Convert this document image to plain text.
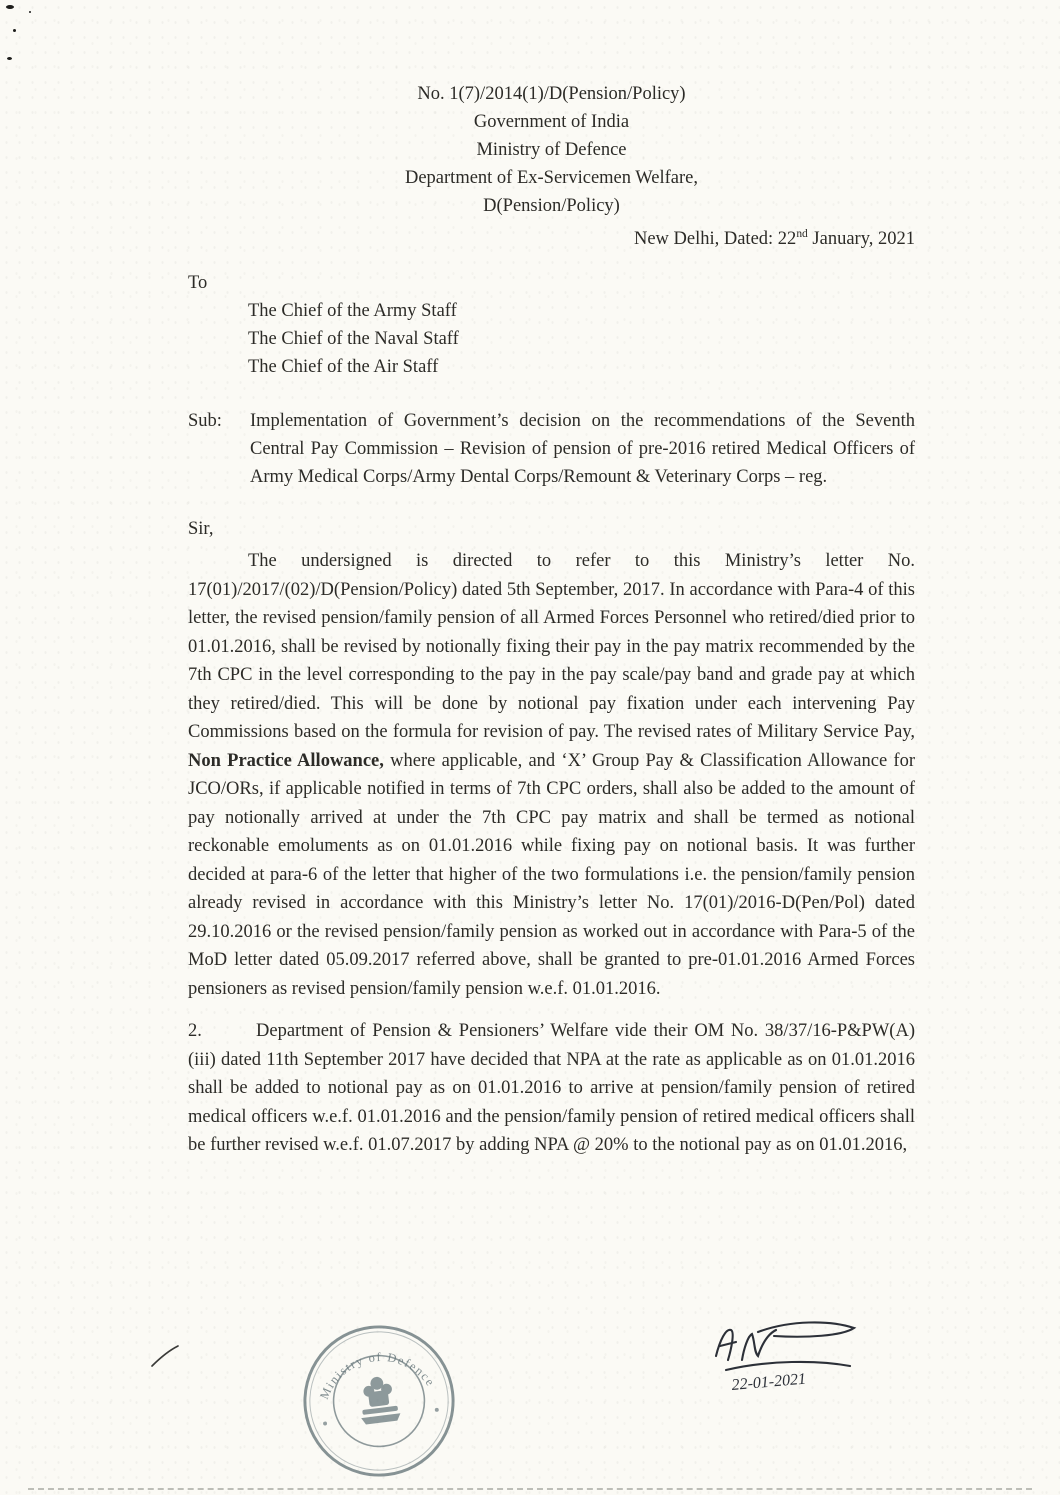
No. 1(7)/2014(1)/D(Pension/Policy)
Government of India
Ministry of Defence
Department of Ex-Servicemen Welfare,
D(Pension/Policy)
New Delhi, Dated: 22nd January, 2021
To
The Chief of the Army Staff
The Chief of the Naval Staff
The Chief of the Air Staff
Sub:	Implementation of Government’s decision on the recommendations of the Seventh Central Pay Commission – Revision of pension of pre-2016 retired Medical Officers of Army Medical Corps/Army Dental Corps/Remount & Veterinary Corps – reg.
Sir,

The undersigned is directed to refer to this Ministry’s letter No. 17(01)/2017/(02)/D(Pension/Policy) dated 5th September, 2017. In accordance with Para-4 of this letter, the revised pension/family pension of all Armed Forces Personnel who retired/died prior to 01.01.2016, shall be revised by notionally fixing their pay in the pay matrix recommended by the 7th CPC in the level corresponding to the pay in the pay scale/pay band and grade pay at which they retired/died. This will be done by notional pay fixation under each intervening Pay Commissions based on the formula for revision of pay. The revised rates of Military Service Pay, Non Practice Allowance, where applicable, and ‘X’ Group Pay & Classification Allowance for JCO/ORs, if applicable notified in terms of 7th CPC orders, shall also be added to the amount of pay notionally arrived at under the 7th CPC pay matrix and shall be termed as notional reckonable emoluments as on 01.01.2016 while fixing pay on notional basis. It was further decided at para-6 of the letter that higher of the two formulations i.e. the pension/family pension already revised in accordance with this Ministry’s letter No. 17(01)/2016-D(Pen/Pol) dated 29.10.2016 or the revised pension/family pension as worked out in accordance with Para-5 of the MoD letter dated 05.09.2017 referred above, shall be granted to pre-01.01.2016 Armed Forces pensioners as revised pension/family pension w.e.f. 01.01.2016.

2.	Department of Pension & Pensioners’ Welfare vide their OM No. 38/37/16-P&PW(A)(iii) dated 11th September 2017 have decided that NPA at the rate as applicable as on 01.01.2016 shall be added to notional pay as on 01.01.2016 to arrive at pension/family pension of retired medical officers w.e.f. 01.01.2016 and the pension/family pension of retired medical officers shall be further revised w.e.f. 01.07.2017 by adding NPA @ 20% to the notional pay as on 01.01.2016,

Ministry of Defence	22-01-2021
